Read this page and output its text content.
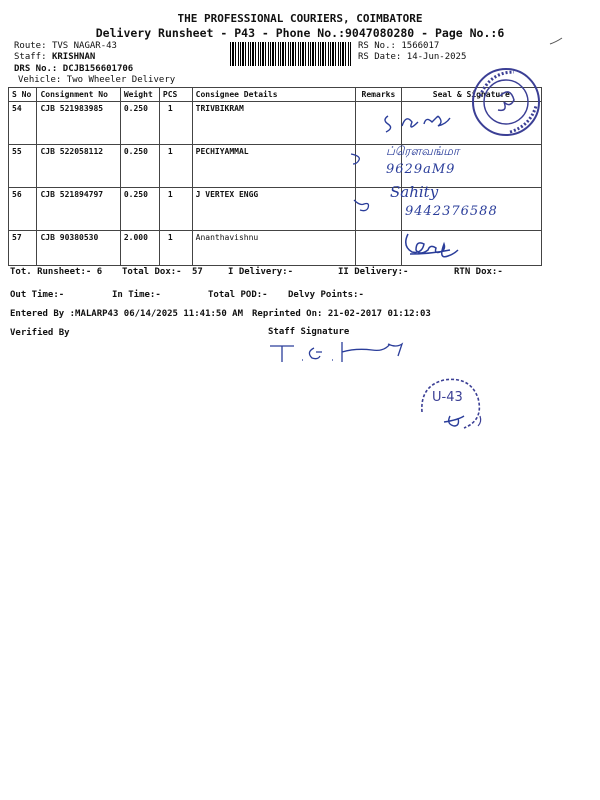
THE PROFESSIONAL COURIERS, COIMBATORE
Delivery Runsheet - P43 - Phone No.:9047080280 - Page No.:6
Route: TVS NAGAR-43
Staff: KRISHNAN
DRS No.: DCJB156601706
Vehicle: Two Wheeler Delivery
RS No.: 1566017
RS Date: 14-Jun-2025
S No	Consignment No	Weight	PCS	Consignee Details	Remarks	Seal & Signature
54	CJB 521983985	0.250	1	TRIVBIKRAM		
55	CJB 522058112	0.250	1	PECHIYAMMAL		
56	CJB 521894797	0.250	1	J VERTEX ENGG		
57	CJB 90380530	2.000	1	Ananthavishnu		
ப்ரௌவங்மா
9629aM9
Sahity
9442376588
Tot. Runsheet:- 6 Total Dox:- 57	I Delivery:-	II Delivery:-	RTN Dox:-
Out Time:-	In Time:-	Total POD:- Delvy Points:-
Entered By :MALARP43 06/14/2025 11:41:50 AM Reprinted On: 21-02-2017 01:12:03
Verified By	Staff Signature
U-43
